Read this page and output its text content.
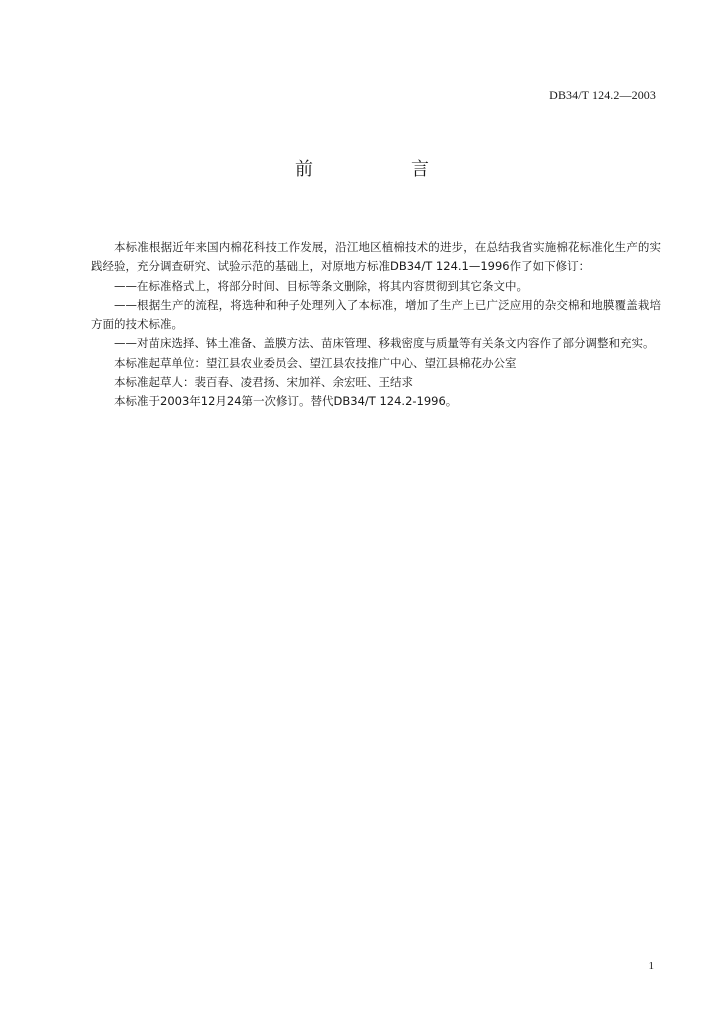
DB34/T 124.2—2003
前　言

本标准根据近年来国内棉花科技工作发展，沿江地区植棉技术的进步，在总结我省实施棉花标准化生产的实践经验，充分调查研究、试验示范的基础上，对原地方标准DB34/T 124.1—1996作了如下修订：

——在标准格式上，将部分时间、目标等条文删除，将其内容贯彻到其它条文中。

——根据生产的流程，将选种和种子处理列入了本标准，增加了生产上已广泛应用的杂交棉和地膜覆盖栽培方面的技术标准。

——对苗床选择、钵土准备、盖膜方法、苗床管理、移栽密度与质量等有关条文内容作了部分调整和充实。

本标准起草单位：望江县农业委员会、望江县农技推广中心、望江县棉花办公室

本标准起草人：裴百春、凌君扬、宋加祥、余宏旺、王结求

本标准于2003年12月24第一次修订。替代DB34/T 124.2-1996。

1
